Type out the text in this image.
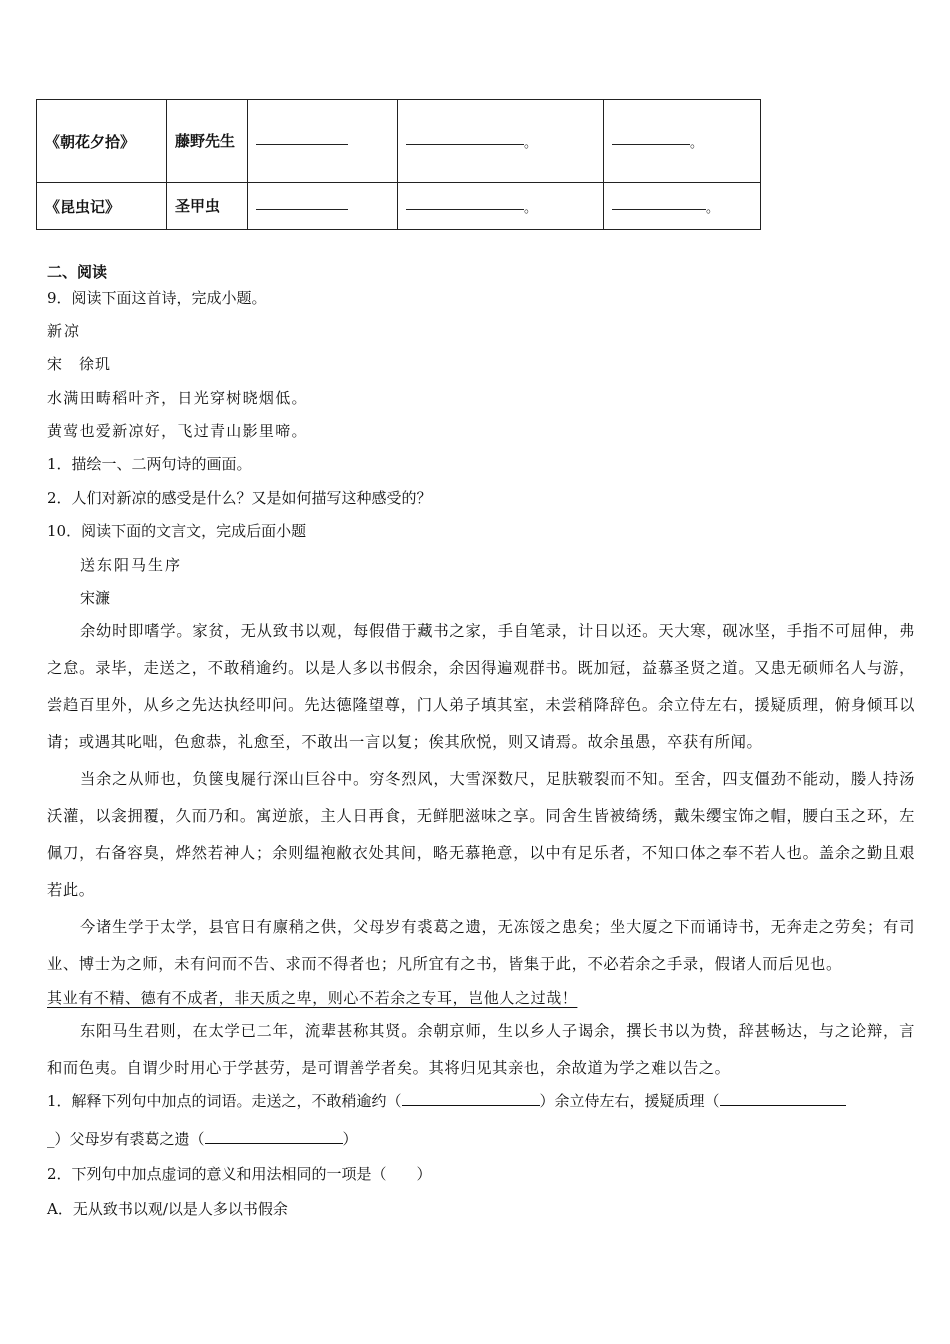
《朝花夕拾》	藤野先生		。	。
《昆虫记》	圣甲虫		。	。
二、阅读
9．阅读下面这首诗，完成小题。
新凉
宋　徐玑
水满田畴稻叶齐，日光穿树晓烟低。
黄莺也爱新凉好，飞过青山影里啼。
1．描绘一、二两句诗的画面。
2．人们对新凉的感受是什么？又是如何描写这种感受的？
10．阅读下面的文言文，完成后面小题
送东阳马生序
宋濂
余幼时即嗜学。家贫，无从致书以观，每假借于藏书之家，手自笔录，计日以还。天大寒，砚冰坚，手指不可屈伸，弗之怠。录毕，走送之，不敢稍逾约。以是人多以书假余，余因得遍观群书。既加冠，益慕圣贤之道。又患无硕师名人与游，尝趋百里外，从乡之先达执经叩问。先达德隆望尊，门人弟子填其室，未尝稍降辞色。余立侍左右，援疑质理，俯身倾耳以请；或遇其叱咄，色愈恭，礼愈至，不敢出一言以复；俟其欣悦，则又请焉。故余虽愚，卒获有所闻。
当余之从师也，负箧曳屣行深山巨谷中。穷冬烈风，大雪深数尺，足肤皲裂而不知。至舍，四支僵劲不能动，媵人持汤沃灌，以衾拥覆，久而乃和。寓逆旅，主人日再食，无鲜肥滋味之享。同舍生皆被绮绣，戴朱缨宝饰之帽，腰白玉之环，左佩刀，右备容臭，烨然若神人；余则缊袍敝衣处其间，略无慕艳意，以中有足乐者，不知口体之奉不若人也。盖余之勤且艰若此。
今诸生学于太学，县官日有廪稍之供，父母岁有裘葛之遗，无冻馁之患矣；坐大厦之下而诵诗书，无奔走之劳矣；有司业、博士为之师，未有问而不告、求而不得者也；凡所宜有之书，皆集于此，不必若余之手录，假诸人而后见也。
其业有不精、德有不成者，非天质之卑，则心不若余之专耳，岂他人之过哉！
东阳马生君则，在太学已二年，流辈甚称其贤。余朝京师，生以乡人子谒余，撰长书以为贽，辞甚畅达，与之论辩，言和而色夷。自谓少时用心于学甚劳，是可谓善学者矣。其将归见其亲也，余故道为学之难以告之。
1．解释下列句中加点的词语。走送之，不敢稍逾约（	）余立侍左右，援疑质理（
_）父母岁有裘葛之遗（	）
2．下列句中加点虚词的意义和用法相同的一项是（　　）
A．无从致书以观/以是人多以书假余
